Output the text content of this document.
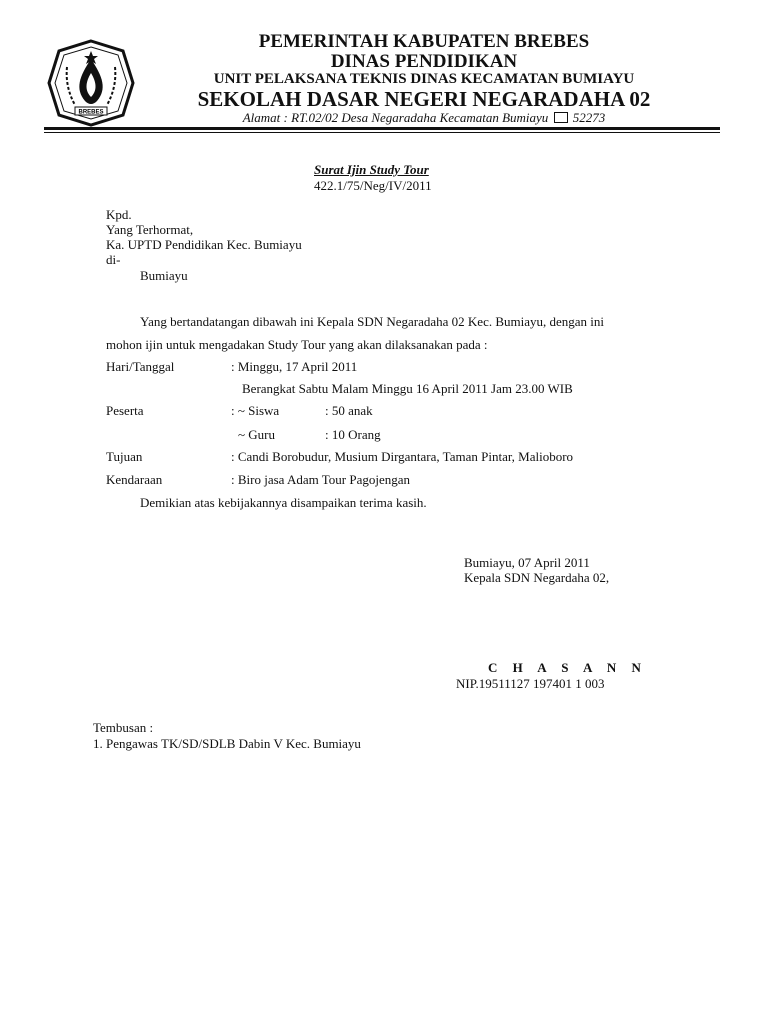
BREBES
PEMERINTAH KABUPATEN BREBES
DINAS PENDIDIKAN
UNIT PELAKSANA TEKNIS DINAS KECAMATAN BUMIAYU
SEKOLAH DASAR NEGERI NEGARADAHA 02
Alamat : RT.02/02 Desa Negaradaha Kecamatan Bumiayu 52273
Surat Ijin Study Tour
422.1/75/Neg/IV/2011
Kpd.
Yang Terhormat,
Ka. UPTD Pendidikan Kec. Bumiayu
di-
Bumiayu
Yang bertandatangan dibawah ini Kepala SDN Negaradaha 02 Kec. Bumiayu, dengan ini
mohon ijin untuk mengadakan Study Tour yang akan dilaksanakan pada :
Hari/Tanggal	: Minggu, 17 April 2011
Berangkat Sabtu Malam Minggu 16 April 2011 Jam 23.00 WIB
Peserta	: ~ Siswa	: 50 anak
~ Guru	: 10 Orang
Tujuan	: Candi Borobudur, Musium Dirgantara, Taman Pintar, Malioboro
Kendaraan	: Biro jasa Adam Tour Pagojengan
Demikian atas kebijakannya disampaikan terima kasih.
Bumiayu, 07 April 2011
Kepala SDN Negardaha 02,
C H A S A N N
NIP.19511127 197401 1 003
Tembusan :
1. Pengawas TK/SD/SDLB Dabin V Kec. Bumiayu
